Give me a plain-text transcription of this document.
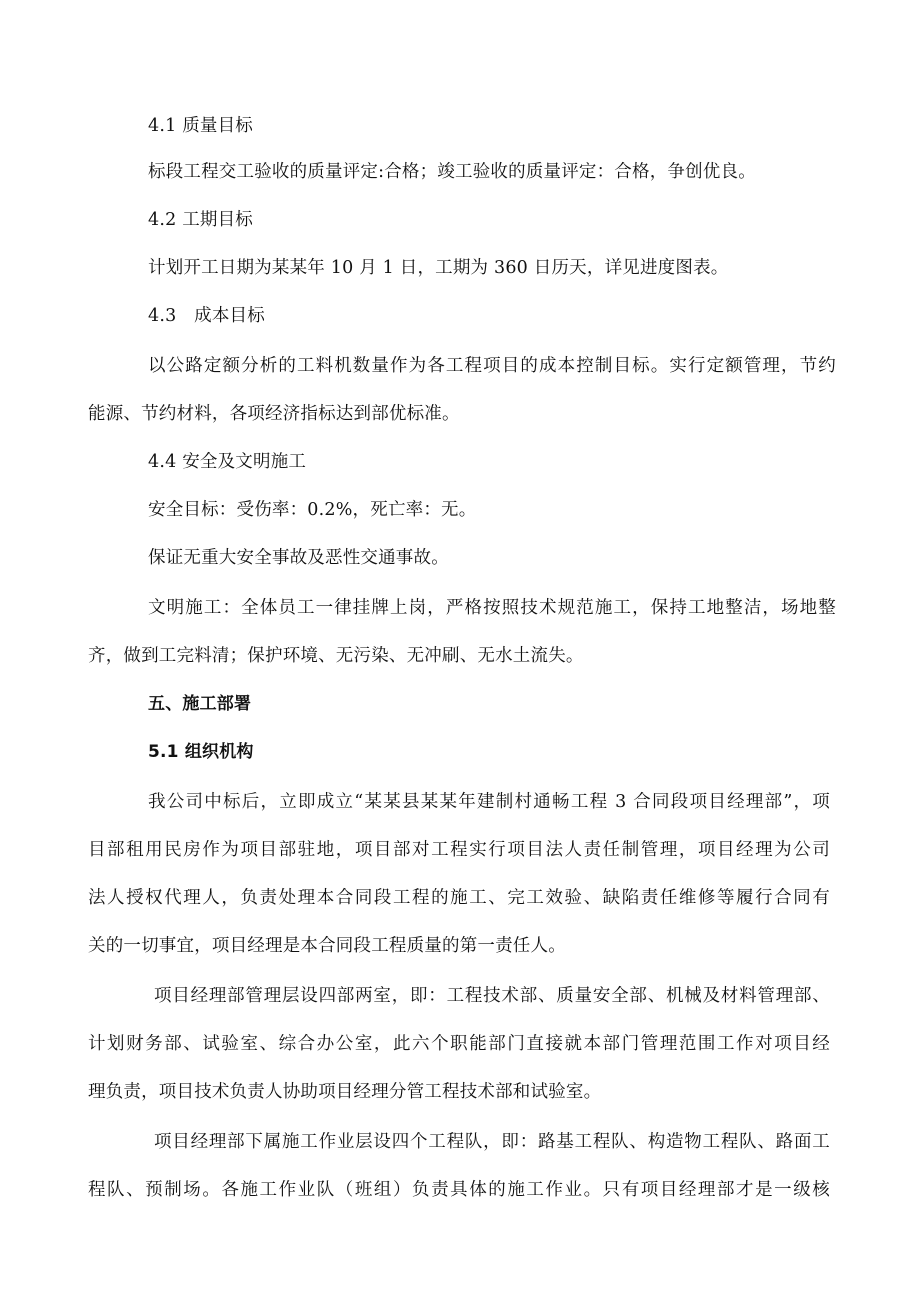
4.1 质量目标

标段工程交工验收的质量评定:合格；竣工验收的质量评定：合格，争创优良。

4.2 工期目标

计划开工日期为某某年 10 月 1 日，工期为 360 日历天，详见进度图表。

4.3　成本目标

以公路定额分析的工料机数量作为各工程项目的成本控制目标。实行定额管理，节约

能源、节约材料，各项经济指标达到部优标准。

4.4 安全及文明施工

安全目标：受伤率：0.2%，死亡率：无。

保证无重大安全事故及恶性交通事故。

文明施工：全体员工一律挂牌上岗，严格按照技术规范施工，保持工地整洁，场地整

齐，做到工完料清；保护环境、无污染、无冲刷、无水土流失。

五、施工部署

5.1 组织机构

我公司中标后，立即成立“某某县某某年建制村通畅工程 3 合同段项目经理部”，项

目部租用民房作为项目部驻地，项目部对工程实行项目法人责任制管理，项目经理为公司

法人授权代理人，负责处理本合同段工程的施工、完工效验、缺陷责任维修等履行合同有

关的一切事宜，项目经理是本合同段工程质量的第一责任人。

项目经理部管理层设四部两室，即：工程技术部、质量安全部、机械及材料管理部、

计划财务部、试验室、综合办公室，此六个职能部门直接就本部门管理范围工作对项目经

理负责，项目技术负责人协助项目经理分管工程技术部和试验室。

项目经理部下属施工作业层设四个工程队，即：路基工程队、构造物工程队、路面工

程队、预制场。各施工作业队（班组）负责具体的施工作业。只有项目经理部才是一级核
